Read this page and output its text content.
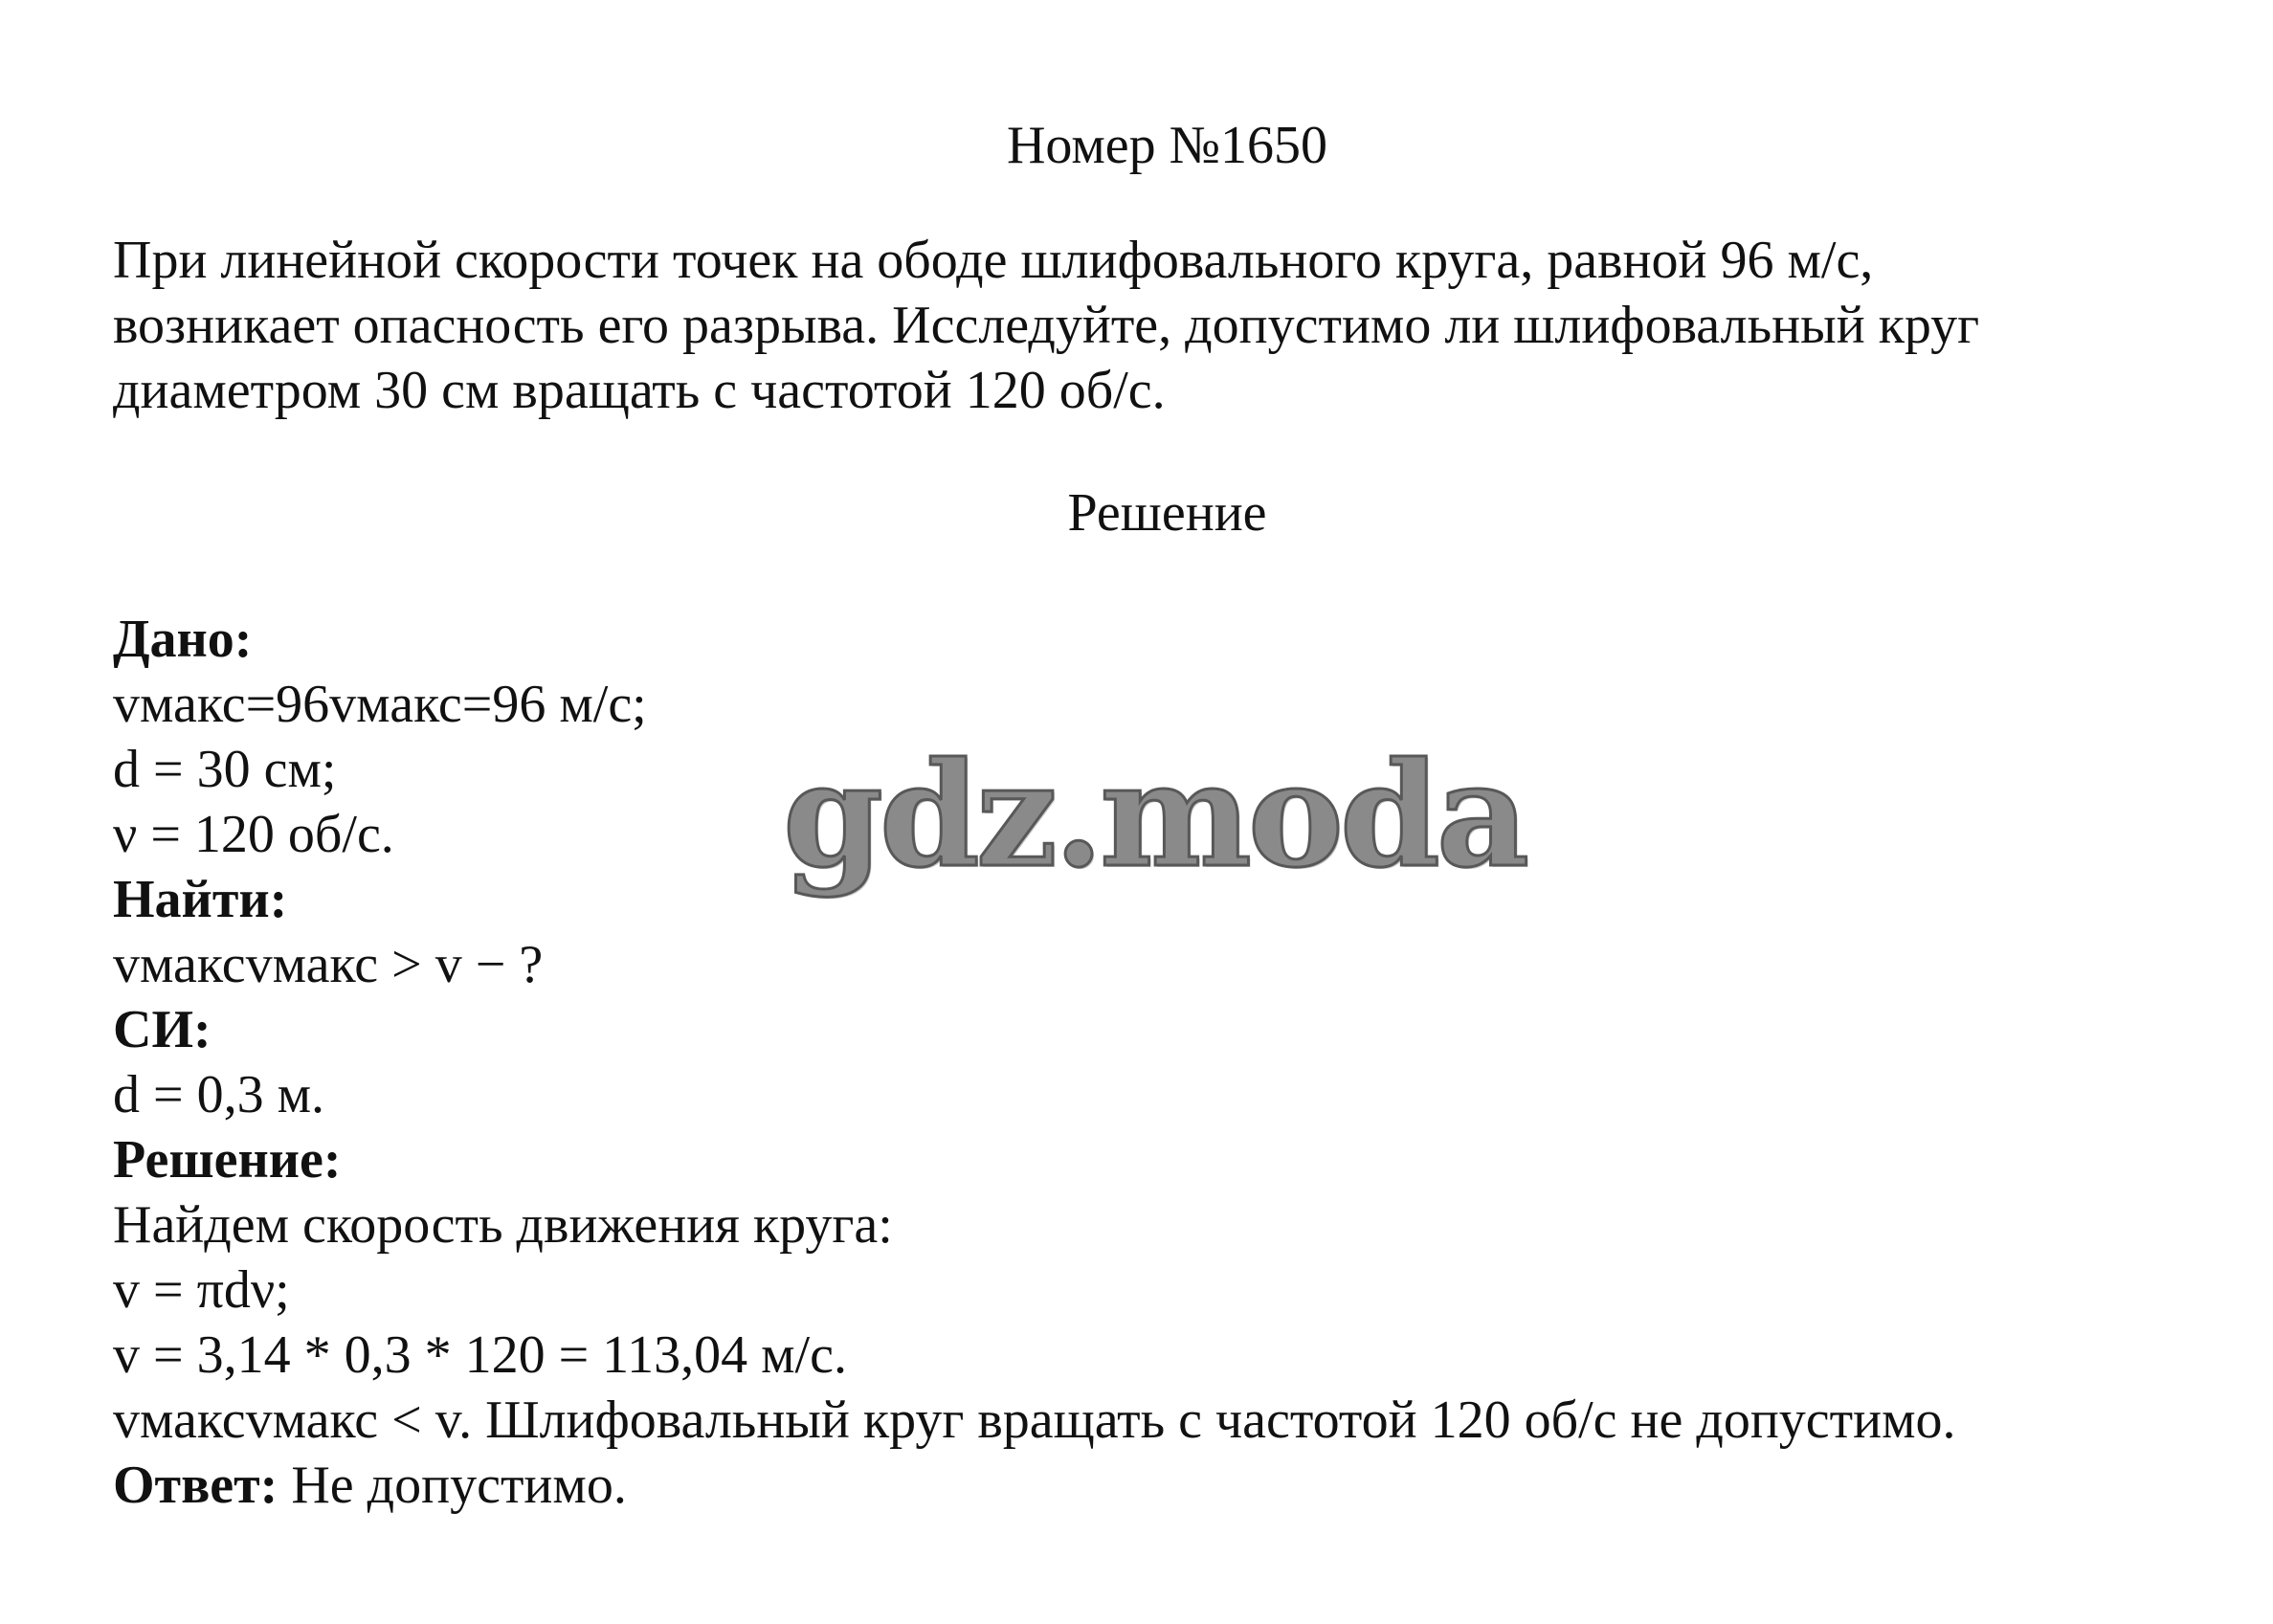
Номер №1650
При линейной скорости точек на ободе шлифовального круга, равной 96 м/с,
возникает опасность его разрыва. Исследуйте, допустимо ли шлифовальный круг
диаметром 30 см вращать с частотой 120 об/с.
Решение
Дано:
vмакс=96vмакс=96 м/с;
d = 30 см;
ν = 120 об/с.
Найти:
vмаксvмакс > v − ?
СИ:
d = 0,3 м.
Решение:
Найдем скорость движения круга:
v = πdν;
v = 3,14 * 0,3 * 120 = 113,04 м/с.
vмаксvмакс < v. Шлифовальный круг вращать с частотой 120 об/с не допустимо.
Ответ: Не допустимо.
gdz.moda
